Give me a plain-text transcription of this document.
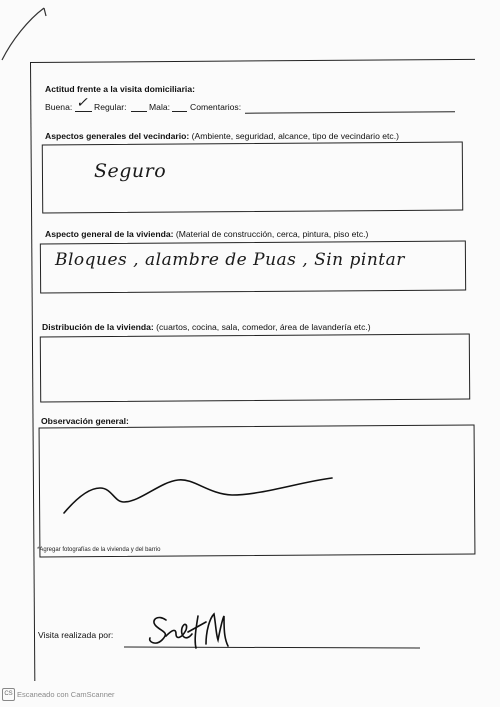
Actitud frente a la visita domiciliaria:
Buena: ✓ Regular:	Mala: Comentarios:
Aspectos generales del vecindario: (Ambiente, seguridad, alcance, tipo de vecindario etc.)
Seguro
Aspecto general de la vivienda: (Material de construcción, cerca, pintura, piso etc.)
Bloques , alambre de Puas , Sin pintar
Distribución de la vivienda: (cuartos, cocina, sala, comedor, área de lavandería etc.)
Observación general:
*Agregar fotografías de la vivienda y del barrio
Visita realizada por:
CS Escaneado con CamScanner
